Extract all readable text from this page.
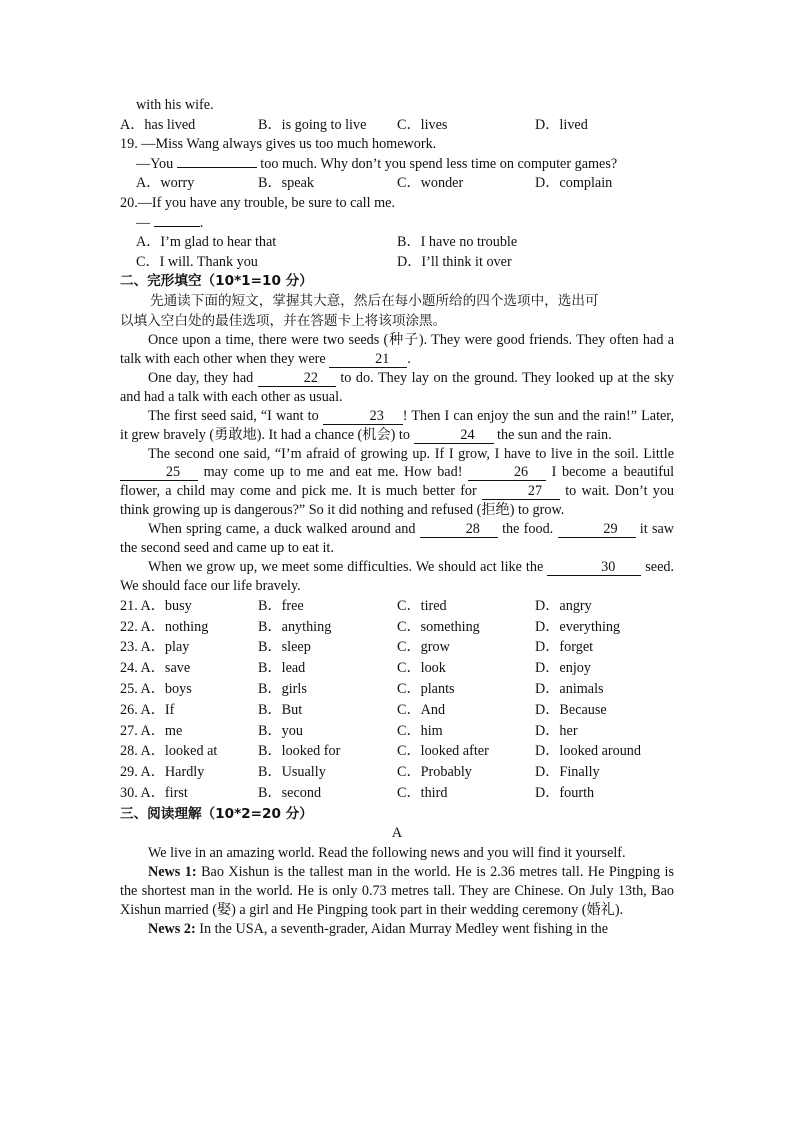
with his wife.
A．has lived	B．is going to live C．lives	D．lived
19. —Miss Wang always gives us too much homework.
—You	too much. Why don’t you spend less time on computer games?
A．worry	B．speak	C．wonder	D．complain
20.—If you have any trouble, be sure to call me.
—	.
A．I’m glad to hear that	B．I have no trouble
C．I will. Thank you	D．I’ll think it over
二、完形填空（10*1=10 分）
先通读下面的短文，掌握其大意，然后在每小题所给的四个选项中，选出可
以填入空白处的最佳选项，并在答题卡上将该项涂黑。
Once upon a time, there were two seeds (种子). They were good friends. They often had a talk with each other when they were	21 .
One day, they had	22 to do. They lay on the ground. They looked up at the sky and had a talk with each other as usual.
The first seed said, “I want to	23 ! Then I can enjoy the sun and the rain!” Later, it grew bravely (勇敢地). It had a chance (机会) to	24 the sun and the rain.
The second one said, “I’m afraid of growing up. If I grow, I have to live in the soil. Little 25 may come up to me and eat me. How bad!	26 I become a beautiful flower, a child may come and pick me. It is much better for	27 to wait. Don’t you think growing up is dangerous?” So it did nothing and refused (拒绝) to grow.
When spring came, a duck walked around and	28 the food.	29 it saw the second seed and came up to eat it.
When we grow up, we meet some difficulties. We should act like the	30 seed. We should face our life bravely.
21. A．busy	B．free	C．tired	D．angry
22. A．nothing	B．anything	C．something	D．everything
23. A．play	B．sleep	C．grow	D．forget
24. A．save	B．lead	C．look	D．enjoy
25. A．boys	B．girls	C．plants	D．animals
26. A．If	B．But	C．And	D．Because
27. A．me	B．you	C．him	D．her
28. A．looked at	B．looked for	C．looked after	D．looked around
29. A．Hardly	B．Usually	C．Probably	D．Finally
30. A．first	B．second	C．third	D．fourth
三、阅读理解（10*2=20 分）
A
We live in an amazing world. Read the following news and you will find it yourself.
News 1: Bao Xishun is the tallest man in the world. He is 2.36 metres tall. He Pingping is the shortest man in the world. He is only 0.73 metres tall. They are Chinese. On July 13th, Bao Xishun married (娶) a girl and He Pingping took part in their wedding ceremony (婚礼).
News 2: In the USA, a seventh-grader, Aidan Murray Medley went fishing in the
